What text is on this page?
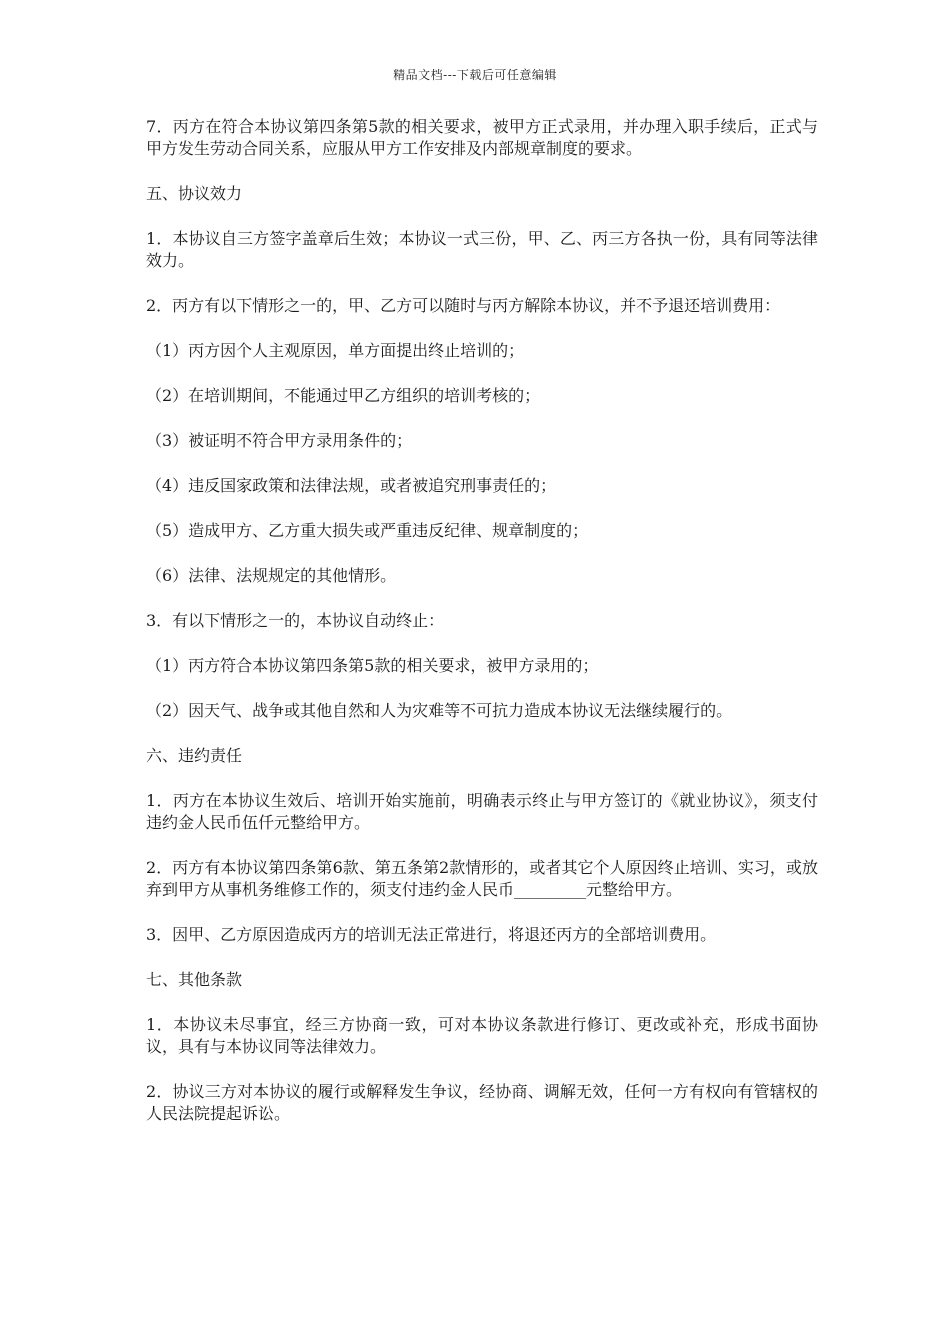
精品文档---下载后可任意编辑

7．丙方在符合本协议第四条第5款的相关要求，被甲方正式录用，并办理入职手续后，正式与甲方发生劳动合同关系，应服从甲方工作安排及内部规章制度的要求。

五、协议效力

1．本协议自三方签字盖章后生效；本协议一式三份，甲、乙、丙三方各执一份，具有同等法律效力。

2．丙方有以下情形之一的，甲、乙方可以随时与丙方解除本协议，并不予退还培训费用：

（1）丙方因个人主观原因，单方面提出终止培训的；

（2）在培训期间，不能通过甲乙方组织的培训考核的；

（3）被证明不符合甲方录用条件的；

（4）违反国家政策和法律法规，或者被追究刑事责任的；

（5）造成甲方、乙方重大损失或严重违反纪律、规章制度的；

（6）法律、法规规定的其他情形。

3．有以下情形之一的，本协议自动终止：

（1）丙方符合本协议第四条第5款的相关要求，被甲方录用的；

（2）因天气、战争或其他自然和人为灾难等不可抗力造成本协议无法继续履行的。

六、违约责任

1．丙方在本协议生效后、培训开始实施前，明确表示终止与甲方签订的《就业协议》，须支付违约金人民币伍仟元整给甲方。

2．丙方有本协议第四条第6款、第五条第2款情形的，或者其它个人原因终止培训、实习，或放弃到甲方从事机务维修工作的，须支付违约金人民币_________元整给甲方。

3．因甲、乙方原因造成丙方的培训无法正常进行，将退还丙方的全部培训费用。

七、其他条款

1．本协议未尽事宜，经三方协商一致，可对本协议条款进行修订、更改或补充，形成书面协议，具有与本协议同等法律效力。

2．协议三方对本协议的履行或解释发生争议，经协商、调解无效，任何一方有权向有管辖权的人民法院提起诉讼。
